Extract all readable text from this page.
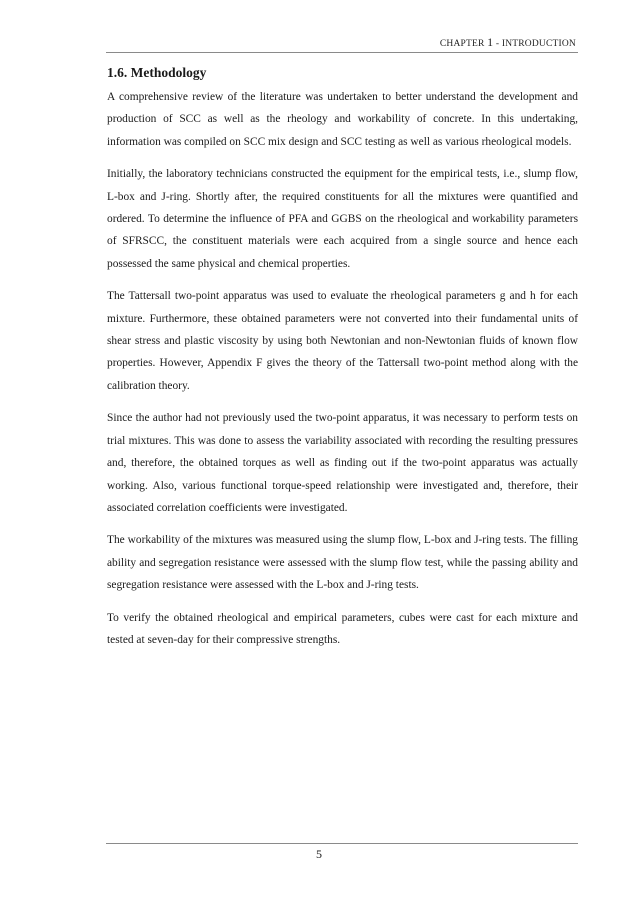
CHAPTER 1 - INTRODUCTION
1.6. Methodology

A comprehensive review of the literature was undertaken to better understand the development and production of SCC as well as the rheology and workability of concrete. In this undertaking, information was compiled on SCC mix design and SCC testing as well as various rheological models.

Initially, the laboratory technicians constructed the equipment for the empirical tests, i.e., slump flow, L-box and J-ring. Shortly after, the required constituents for all the mixtures were quantified and ordered. To determine the influence of PFA and GGBS on the rheological and workability parameters of SFRSCC, the constituent materials were each acquired from a single source and hence each possessed the same physical and chemical properties.

The Tattersall two-point apparatus was used to evaluate the rheological parameters g and h for each mixture. Furthermore, these obtained parameters were not converted into their fundamental units of shear stress and plastic viscosity by using both Newtonian and non-Newtonian fluids of known flow properties. However, Appendix F gives the theory of the Tattersall two-point method along with the calibration theory.

Since the author had not previously used the two-point apparatus, it was necessary to perform tests on trial mixtures. This was done to assess the variability associated with recording the resulting pressures and, therefore, the obtained torques as well as finding out if the two-point apparatus was actually working. Also, various functional torque-speed relationship were investigated and, therefore, their associated correlation coefficients were investigated.

The workability of the mixtures was measured using the slump flow, L-box and J-ring tests. The filling ability and segregation resistance were assessed with the slump flow test, while the passing ability and segregation resistance were assessed with the L-box and J-ring tests.

To verify the obtained rheological and empirical parameters, cubes were cast for each mixture and tested at seven-day for their compressive strengths.

5
